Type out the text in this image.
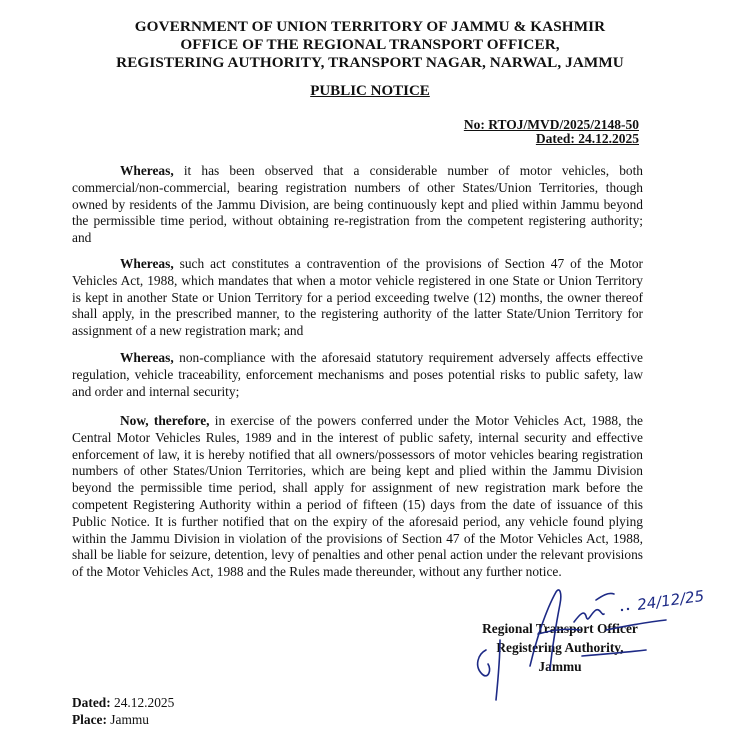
GOVERNMENT OF UNION TERRITORY OF JAMMU & KASHMIR
OFFICE OF THE REGIONAL TRANSPORT OFFICER,
REGISTERING AUTHORITY, TRANSPORT NAGAR, NARWAL, JAMMU
PUBLIC NOTICE
No: RTOJ/MVD/2025/2148-50
Dated: 24.12.2025

Whereas, it has been observed that a considerable number of motor vehicles, both commercial/non-commercial, bearing registration numbers of other States/Union Territories, though owned by residents of the Jammu Division, are being continuously kept and plied within Jammu beyond the permissible time period, without obtaining re-registration from the competent registering authority; and

Whereas, such act constitutes a contravention of the provisions of Section 47 of the Motor Vehicles Act, 1988, which mandates that when a motor vehicle registered in one State or Union Territory is kept in another State or Union Territory for a period exceeding twelve (12) months, the owner thereof shall apply, in the prescribed manner, to the registering authority of the latter State/Union Territory for assignment of a new registration mark; and

Whereas, non-compliance with the aforesaid statutory requirement adversely affects effective regulation, vehicle traceability, enforcement mechanisms and poses potential risks to public safety, law and order and internal security;

Now, therefore, in exercise of the powers conferred under the Motor Vehicles Act, 1988, the Central Motor Vehicles Rules, 1989 and in the interest of public safety, internal security and effective enforcement of law, it is hereby notified that all owners/possessors of motor vehicles bearing registration numbers of other States/Union Territories, which are being kept and plied within the Jammu Division beyond the permissible time period, shall apply for assignment of new registration mark before the competent Registering Authority within a period of fifteen (15) days from the date of issuance of this Public Notice. It is further notified that on the expiry of the aforesaid period, any vehicle found plying within the Jammu Division in violation of the provisions of Section 47 of the Motor Vehicles Act, 1988, shall be liable for seizure, detention, levy of penalties and other penal action under the relevant provisions of the Motor Vehicles Act, 1988 and the Rules made thereunder, without any further notice.

Regional Transport Officer
Registering Authority,
Jammu
24/12/25
Dated: 24.12.2025
Place: Jammu
